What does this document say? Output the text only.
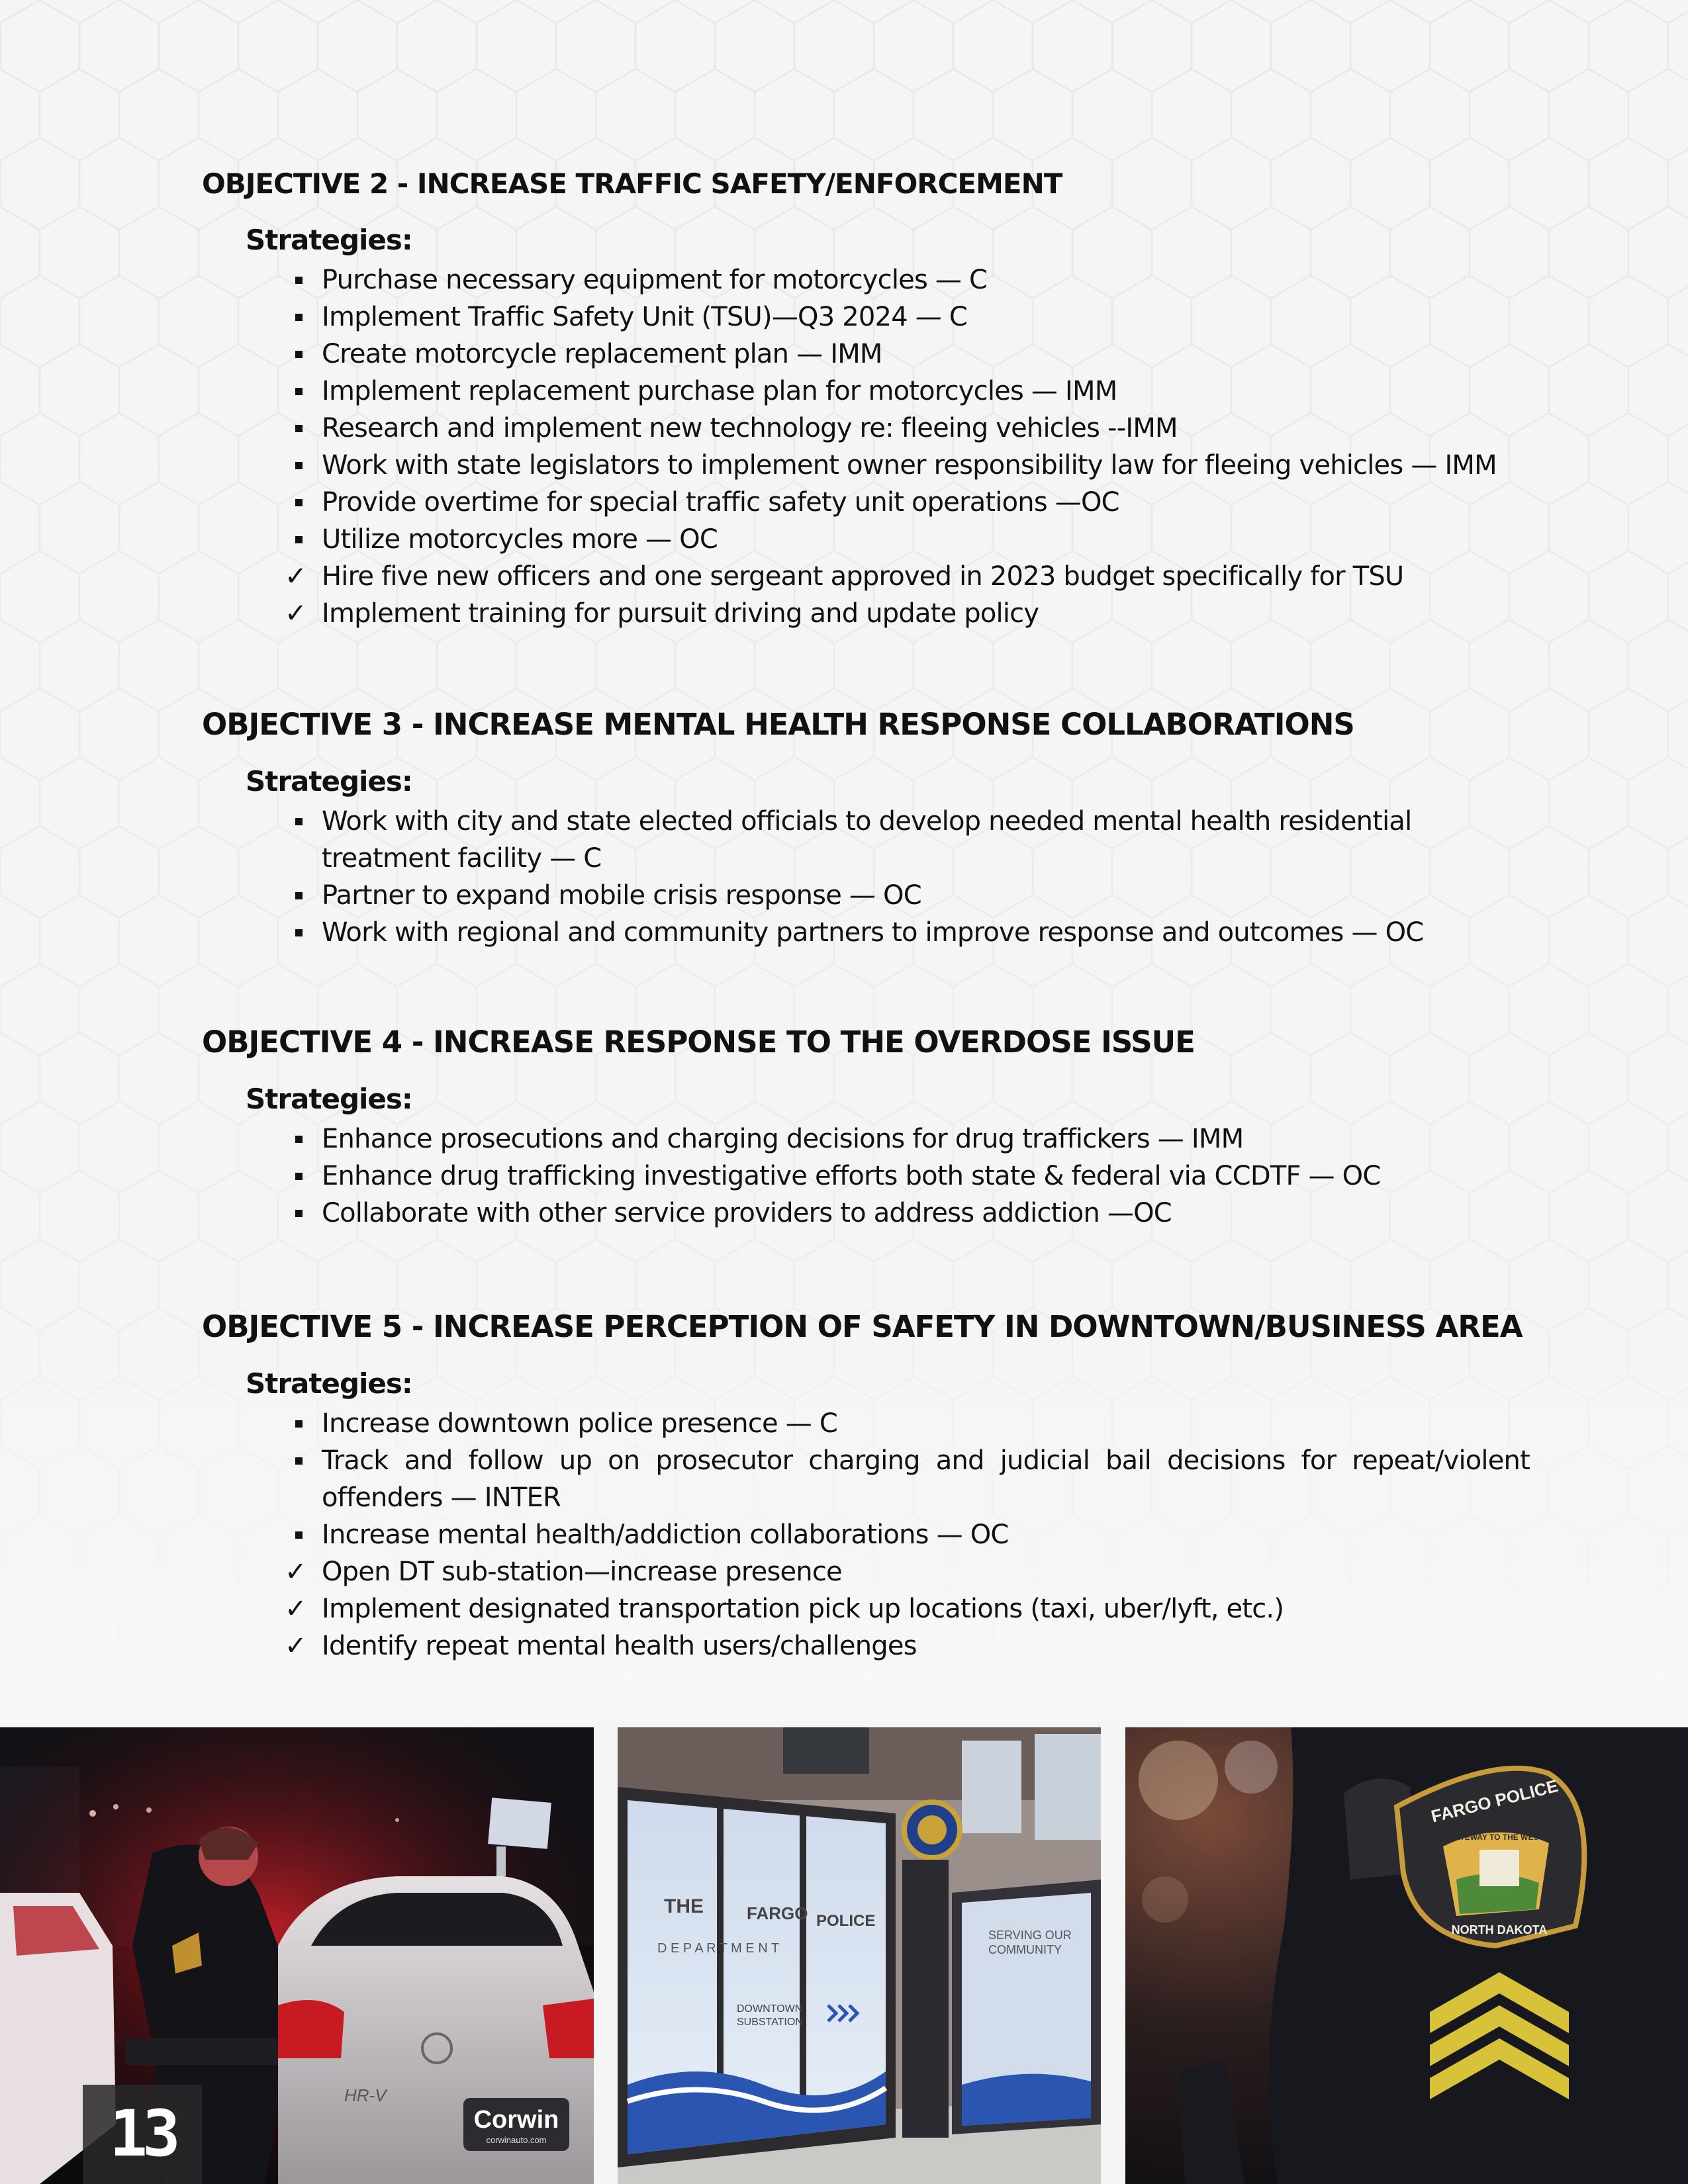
OBJECTIVE 2 - INCREASE TRAFFIC SAFETY/ENFORCEMENT
Strategies:
Purchase necessary equipment for motorcycles — C
Implement Traffic Safety Unit (TSU)—Q3 2024 — C
Create motorcycle replacement plan — IMM
Implement replacement purchase plan for motorcycles — IMM
Research and implement new technology re: fleeing vehicles --IMM
Work with state legislators to implement owner responsibility law for fleeing vehicles — IMM
Provide overtime for special traffic safety unit operations —OC
Utilize motorcycles more — OC
✓ Hire five new officers and one sergeant approved in 2023 budget specifically for TSU
✓ Implement training for pursuit driving and update policy
OBJECTIVE 3 - INCREASE MENTAL HEALTH RESPONSE COLLABORATIONS
Strategies:
Work with city and state elected officials to develop needed mental health residential treatment facility — C
Partner to expand mobile crisis response — OC
Work with regional and community partners to improve response and outcomes — OC
OBJECTIVE 4 - INCREASE RESPONSE TO THE OVERDOSE ISSUE
Strategies:
Enhance prosecutions and charging decisions for drug traffickers — IMM
Enhance drug trafficking investigative efforts both state & federal via CCDTF — OC
Collaborate with other service providers to address addiction —OC
OBJECTIVE 5 - INCREASE PERCEPTION OF SAFETY IN DOWNTOWN/BUSINESS AREA
Strategies:
Increase downtown police presence — C
Track and follow up on prosecutor charging and judicial bail decisions for repeat/violent offenders — INTER
Increase mental health/addiction collaborations — OC
✓ Open DT sub-station—increase presence
✓ Implement designated transportation pick up locations (taxi, uber/lyft, etc.)
✓ Identify repeat mental health users/challenges
Corwin
corwinauto.com
HR-V
THE	FARGO POLICE
D E P A R T M E N T
DOWNTOWN
SUBSTATION
SERVING OUR
COMMUNITY
FARGO POLICE
GATEWAY TO THE WEST
NORTH DAKOTA
13
